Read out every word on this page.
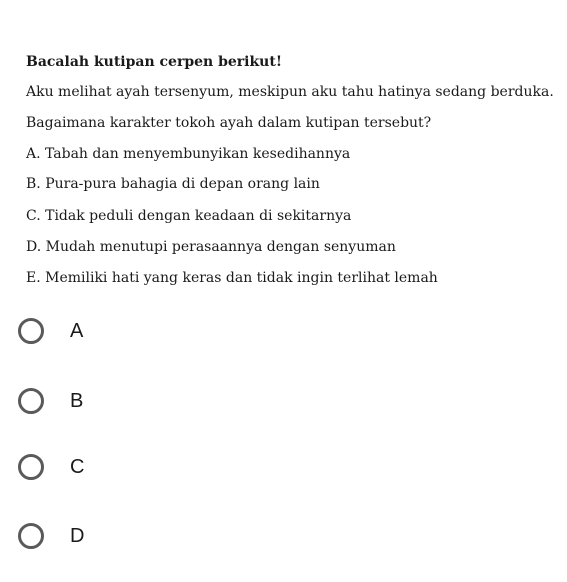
Bacalah kutipan cerpen berikut!
Aku melihat ayah tersenyum, meskipun aku tahu hatinya sedang berduka.
Bagaimana karakter tokoh ayah dalam kutipan tersebut?
A. Tabah dan menyembunyikan kesedihannya
B. Pura-pura bahagia di depan orang lain
C. Tidak peduli dengan keadaan di sekitarnya
D. Mudah menutupi perasaannya dengan senyuman
E. Memiliki hati yang keras dan tidak ingin terlihat lemah
A
B
C
D
